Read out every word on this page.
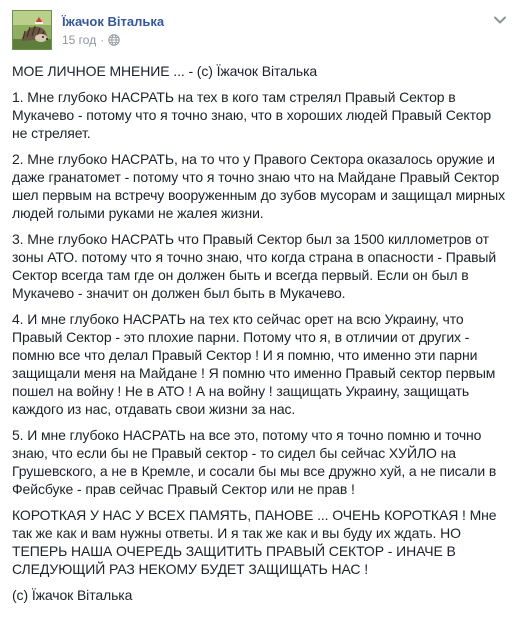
Їжачок Віталька
15 год ·

МОЕ ЛИЧНОЕ МНЕНИЕ ... - (с) Їжачок Віталька

1. Мне глубоко НАСРАТЬ на тех в кого там стрелял Правый Сектор в Мукачево - потому что я точно знаю, что в хороших людей Правый Сектор не стреляет.

2. Мне глубоко НАСРАТЬ, на то что у Правого Сектора оказалось оружие и даже гранатомет - потому что я точно знаю что на Майдане Правый Сектор шел первым на встречу вооруженным до зубов мусорам и защищал мирных людей голыми руками не жалея жизни.

3. Мне глубоко НАСРАТЬ что Правый Сектор был за 1500 киллометров от зоны АТО. потому что я точно знаю, что когда страна в опасности - Правый Сектор всегда там где он должен быть и всегда первый. Если он был в Мукачево - значит он должен был быть в Мукачево.

4. И мне глубоко НАСРАТЬ на тех кто сейчас орет на всю Украину, что Правый Сектор - это плохие парни. Потому что я, в отличии от других - помню все что делал Правый Сектор ! И я помню, что именно эти парни защищали меня на Майдане ! Я помню что именно Правый сектор первым пошел на войну ! Не в АТО ! А на войну ! защищать Украину, защищать каждого из нас, отдавать свои жизни за нас.

5. И мне глубоко НАСРАТЬ на все это, потому что я точно помню и точно знаю, что если бы не Правый сектор - то сидел бы сейчас ХУЙЛО на Грушевского, а не в Кремле, и сосали бы мы все дружно хуй, а не писали в Фейсбуке - прав сейчас Правый Сектор или не прав !

КОРОТКАЯ У НАС У ВСЕХ ПАМЯТЬ, ПАНОВЕ ... ОЧЕНЬ КОРОТКАЯ ! Мне так же как и вам нужны ответы. И я так же как и вы буду их ждать. НО ТЕПЕРЬ НАША ОЧЕРЕДЬ ЗАЩИТИТЬ ПРАВЫЙ СЕКТОР - ИНАЧЕ В СЛЕДУЮЩИЙ РАЗ НЕКОМУ БУДЕТ ЗАЩИЩАТЬ НАС !

(с) Їжачок Віталька
